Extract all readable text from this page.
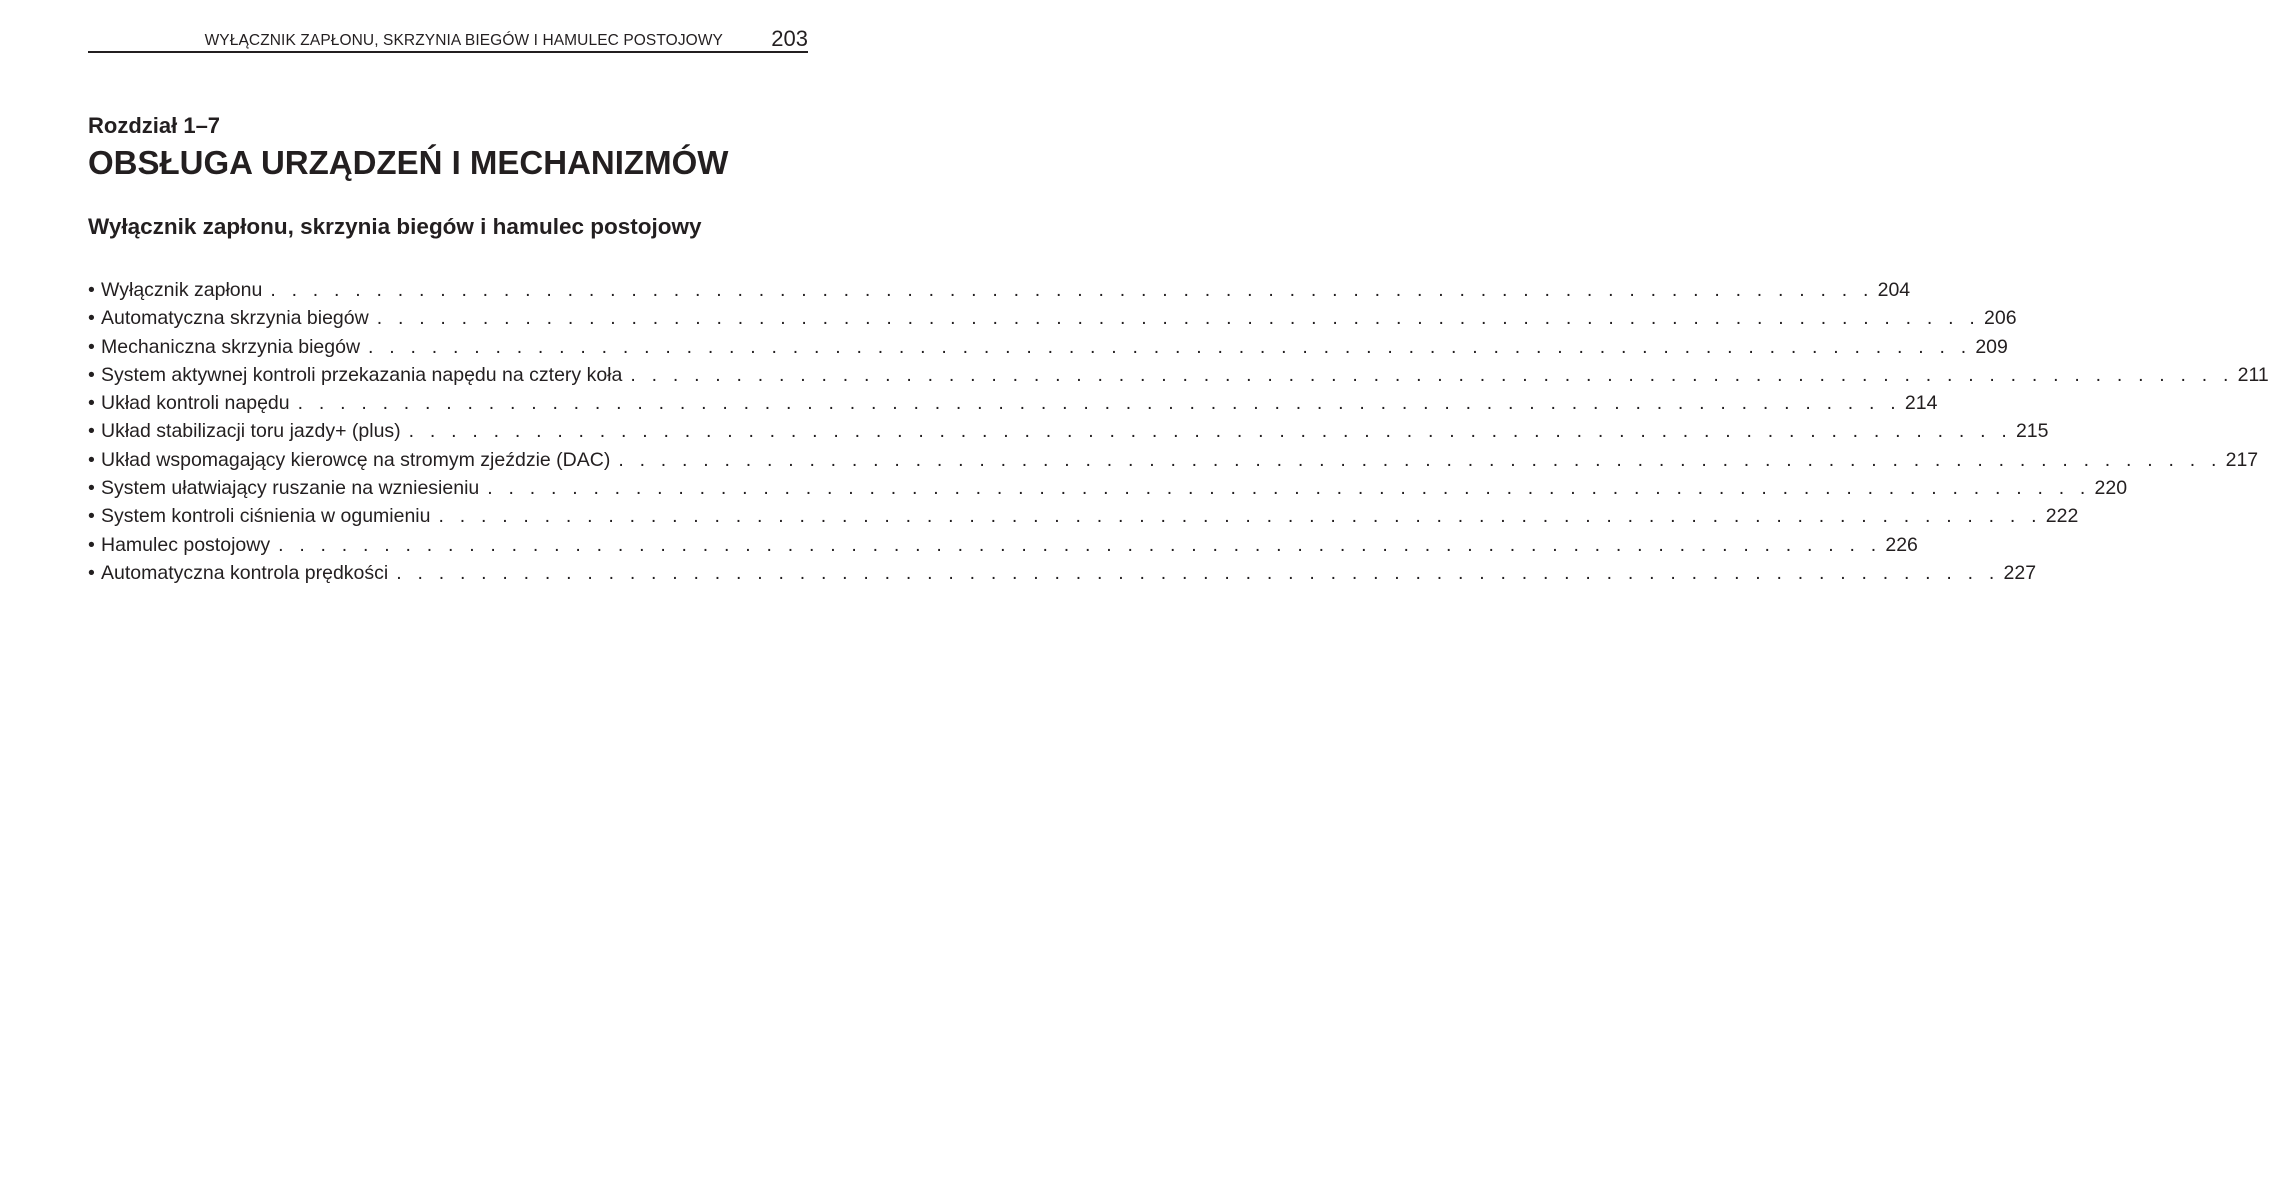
WYŁĄCZNIK ZAPŁONU, SKRZYNIA BIEGÓW I HAMULEC POSTOJOWY 203
Rozdział 1–7
OBSŁUGA URZĄDZEŃ I MECHANIZMÓW
Wyłącznik zapłonu, skrzynia biegów i hamulec postojowy
• Wyłącznik zapłonu . . . . . . . . . . . . . . . . . . . . . . . . . . . . . . . . . . . . . . . . . . . . . . . . . . . . . . . . . . . . . . . . . . . . . . . . . . . . 204
• Automatyczna skrzynia biegów . . . . . . . . . . . . . . . . . . . . . . . . . . . . . . . . . . . . . . . . . . . . . . . . . . . . . . . . . . . . . . . . . . . . . . . . . . . . 206
• Mechaniczna skrzynia biegów . . . . . . . . . . . . . . . . . . . . . . . . . . . . . . . . . . . . . . . . . . . . . . . . . . . . . . . . . . . . . . . . . . . . . . . . . . . . 209
• System aktywnej kontroli przekazania napędu na cztery koła . . . . . . . . . . . . . . . . . . . . . . . . . . . . . . . . . . . . . . . . . . . . . . . . . . . . . . . . . . . . . . . . . . . . . . . . . . . . 211
• Układ kontroli napędu . . . . . . . . . . . . . . . . . . . . . . . . . . . . . . . . . . . . . . . . . . . . . . . . . . . . . . . . . . . . . . . . . . . . . . . . . . . . 214
• Układ stabilizacji toru jazdy+ (plus) . . . . . . . . . . . . . . . . . . . . . . . . . . . . . . . . . . . . . . . . . . . . . . . . . . . . . . . . . . . . . . . . . . . . . . . . . . . . 215
• Układ wspomagający kierowcę na stromym zjeździe (DAC) . . . . . . . . . . . . . . . . . . . . . . . . . . . . . . . . . . . . . . . . . . . . . . . . . . . . . . . . . . . . . . . . . . . . . . . . . . . . 217
• System ułatwiający ruszanie na wzniesieniu . . . . . . . . . . . . . . . . . . . . . . . . . . . . . . . . . . . . . . . . . . . . . . . . . . . . . . . . . . . . . . . . . . . . . . . . . . . . 220
• System kontroli ciśnienia w ogumieniu . . . . . . . . . . . . . . . . . . . . . . . . . . . . . . . . . . . . . . . . . . . . . . . . . . . . . . . . . . . . . . . . . . . . . . . . . . . . 222
• Hamulec postojowy . . . . . . . . . . . . . . . . . . . . . . . . . . . . . . . . . . . . . . . . . . . . . . . . . . . . . . . . . . . . . . . . . . . . . . . . . . . . 226
• Automatyczna kontrola prędkości . . . . . . . . . . . . . . . . . . . . . . . . . . . . . . . . . . . . . . . . . . . . . . . . . . . . . . . . . . . . . . . . . . . . . . . . . . . . 227
